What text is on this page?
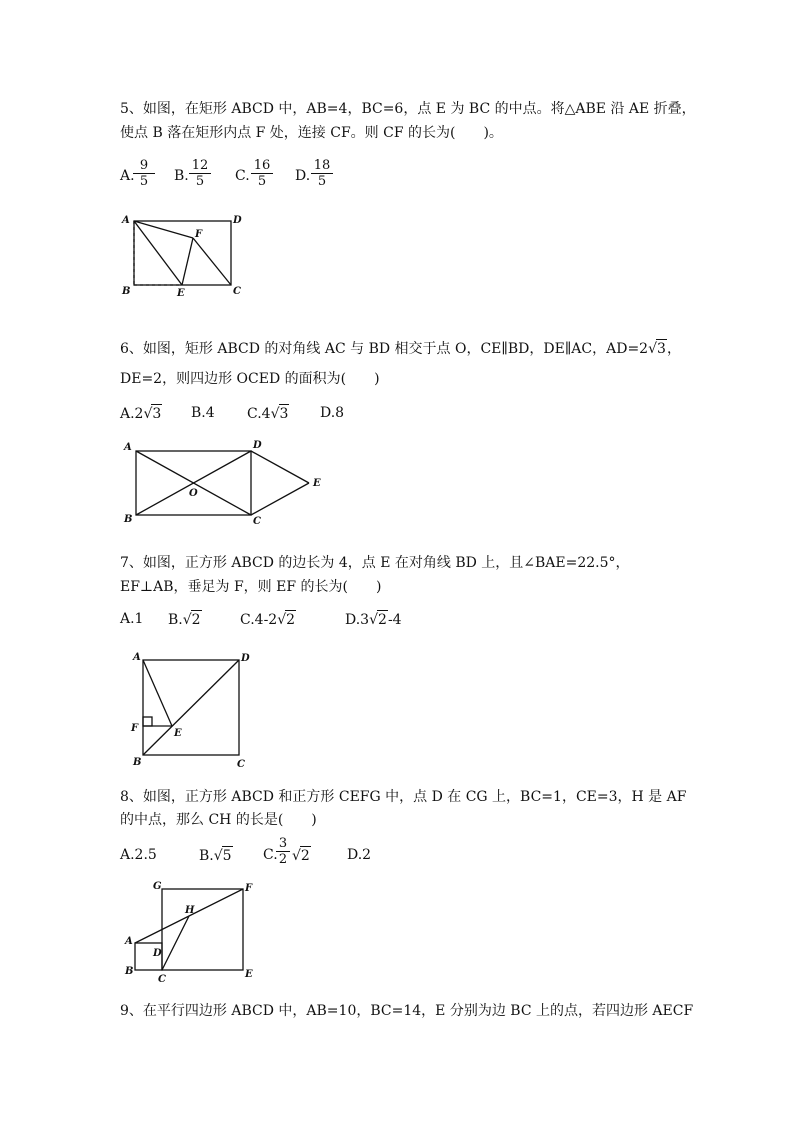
5、如图，在矩形 ABCD 中，AB=4，BC=6，点 E 为 BC 的中点。将△ABE 沿 AE 折叠，
使点 B 落在矩形内点 F 处，连接 CF。则 CF 的长为(　　)。
A.
$\frac{9}{5} B$. $\frac{12}{5} C$. $\frac{16}{5} D$. $\frac{18}{5}$
A	D
F
B	E	C
6、如图，矩形 ABCD 的对角线 AC 与 BD 相交于点 O，CE∥BD，DE∥AC，AD=2√3，
DE=2，则四边形 OCED 的面积为(　　)
A.2√3 B.4 C.4√3 D.8
A	D
E
O
B	C
7、如图，正方形 ABCD 的边长为 4，点 E 在对角线 BD 上，且∠BAE=22.5°，
EF⊥AB，垂足为 F，则 EF 的长为(　　)
A.1 B.√2	C.4-2√2	D.3√2-4
A	D
F	E
B	C
8、如图，正方形 ABCD 和正方形 CEFG 中，点 D 在 CG 上，BC=1，CE=3，H 是 AF
的中点，那么 CH 的长是(　　)
A.2.5	B.√5 C.
$\frac{3}{2} √2$	D.2
G	F
H
A
D
B
C	E
9、在平行四边形 ABCD 中，AB=10，BC=14，E 分别为边 BC 上的点，若四边形 AECF
